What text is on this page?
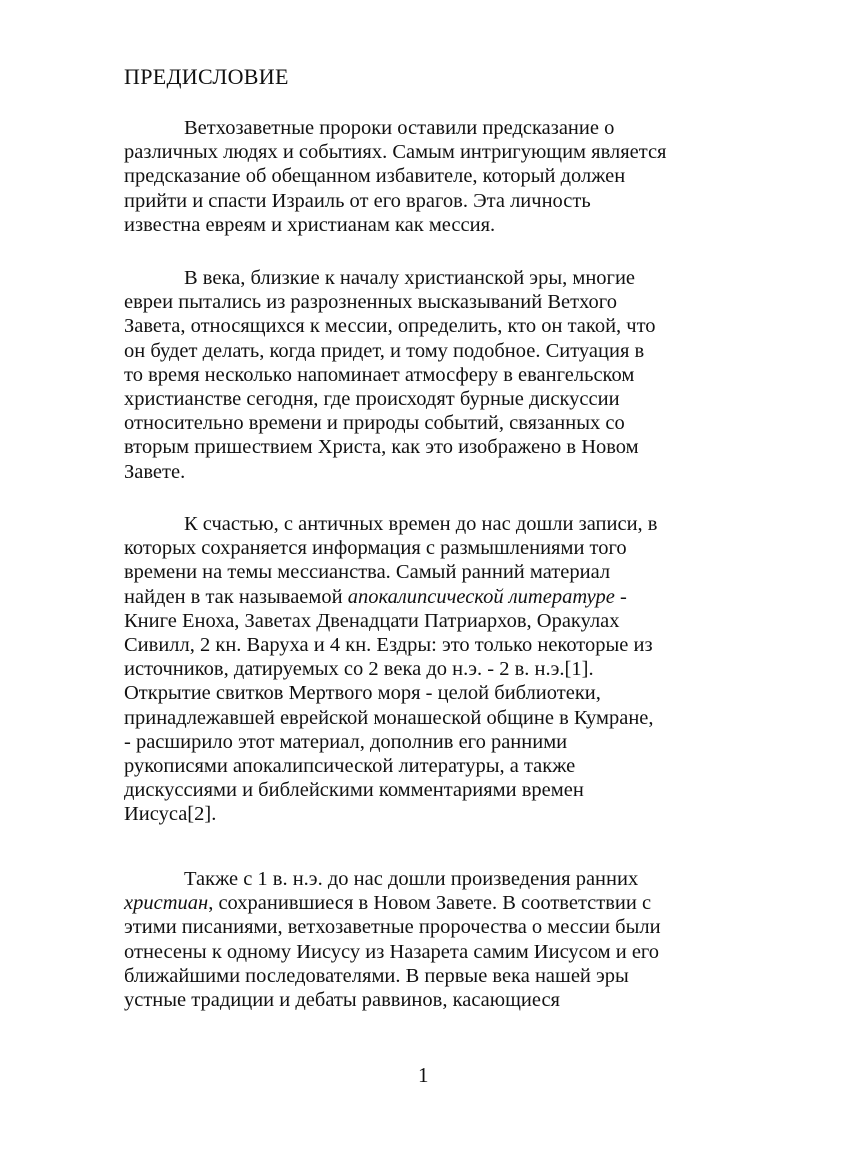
ПРЕДИСЛОВИЕ
Ветхозаветные пророки оставили предсказание о
различных людях и событиях. Самым интригующим является
предсказание об обещанном избавителе, который должен
прийти и спасти Израиль от его врагов. Эта личность
известна евреям и христианам как мессия.
В века, близкие к началу христианской эры, многие
евреи пытались из разрозненных высказываний Ветхого
Завета, относящихся к мессии, определить, кто он такой, что
он будет делать, когда придет, и тому подобное. Ситуация в
то время несколько напоминает атмосферу в евангельском
христианстве сегодня, где происходят бурные дискуссии
относительно времени и природы событий, связанных со
вторым пришествием Христа, как это изображено в Новом
Завете.
К счастью, с античных времен до нас дошли записи, в
которых сохраняется информация с размышлениями того
времени на темы мессианства. Самый ранний материал
найден в так называемой апокалипсической литературе -
Книге Еноха, Заветах Двенадцати Патриархов, Оракулах
Сивилл, 2 кн. Варуха и 4 кн. Ездры: это только некоторые из
источников, датируемых со 2 века до н.э. - 2 в. н.э.[1].
Открытие свитков Мертвого моря - целой библиотеки,
принадлежавшей еврейской монашеской общине в Кумране,
- расширило этот материал, дополнив его ранними
рукописями апокалипсической литературы, а также
дискуссиями и библейскими комментариями времен
Иисуса[2].
Также с 1 в. н.э. до нас дошли произведения ранних
христиан, сохранившиеся в Новом Завете. В соответствии с
этими писаниями, ветхозаветные пророчества о мессии были
отнесены к одному Иисусу из Назарета самим Иисусом и его
ближайшими последователями. В первые века нашей эры
устные традиции и дебаты раввинов, касающиеся

1
